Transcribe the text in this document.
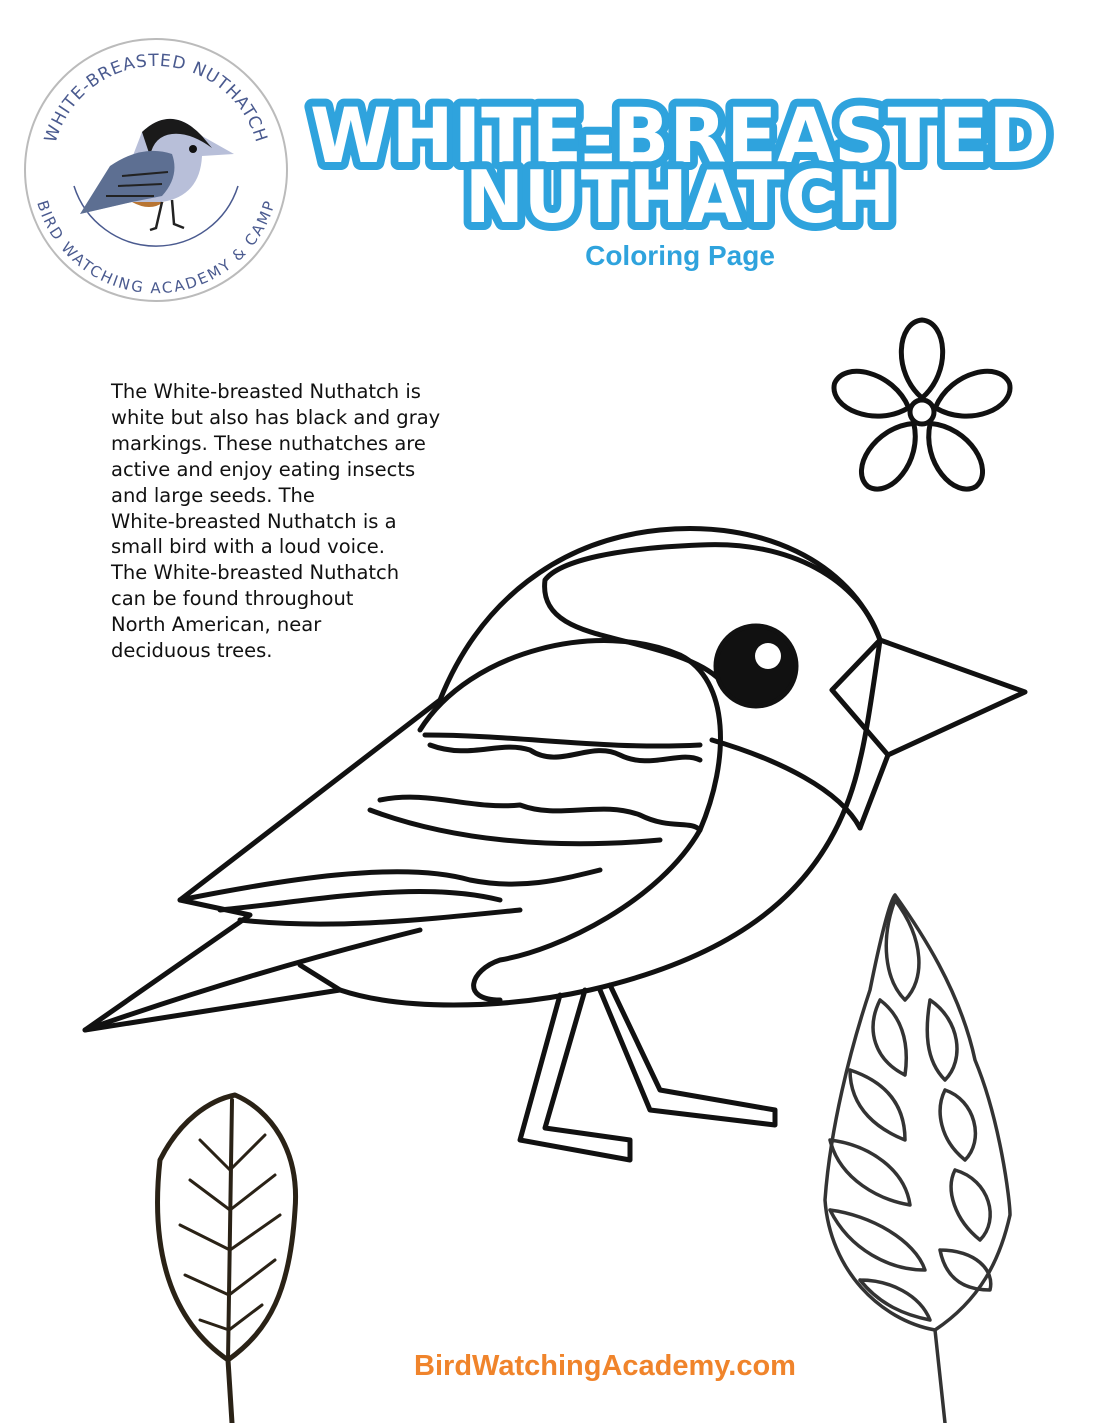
WHITE-BREASTED NUTHATCH
BIRD WATCHING ACADEMY & CAMP
WHITE-BREASTED
NUTHATCH
Coloring Page
The White-breasted Nuthatch is
white but also has black and gray
markings. These nuthatches are
active and enjoy eating insects
and large seeds. The
White-breasted Nuthatch is a
small bird with a loud voice.
The White-breasted Nuthatch
can be found throughout
North American, near
deciduous trees.
BirdWatchingAcademy.com
